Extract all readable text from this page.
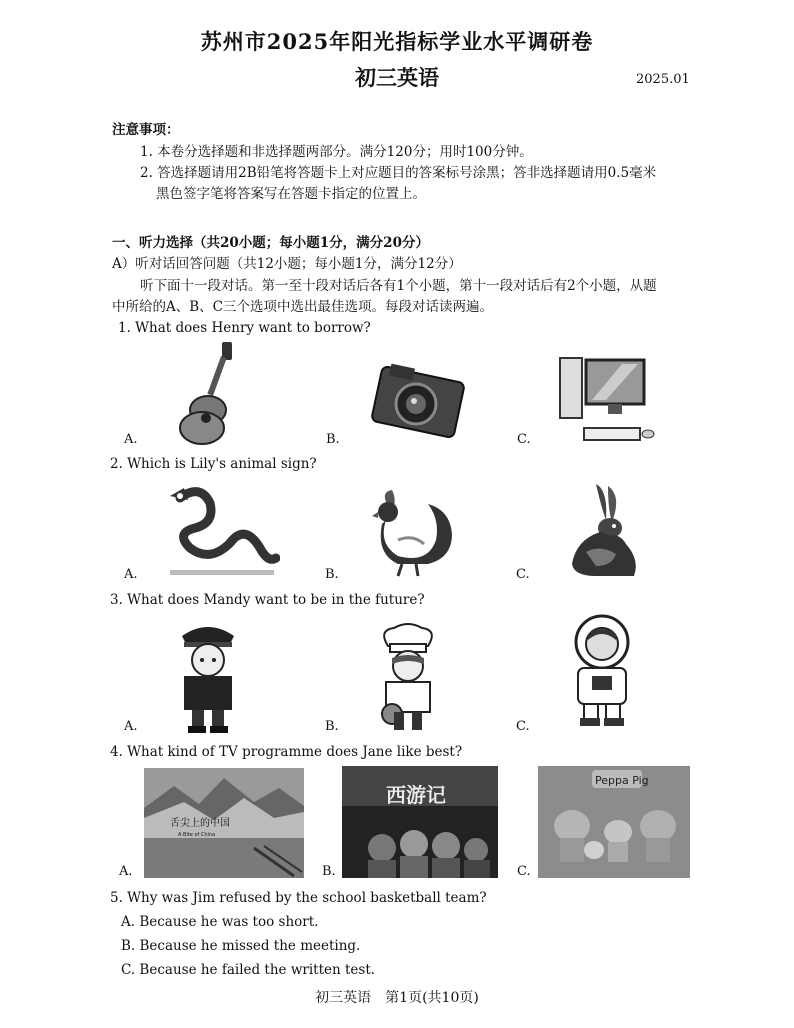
苏州市2025年阳光指标学业水平调研卷
初三英语	2025.01
注意事项：
1. 本卷分选择题和非选择题两部分。满分120分；用时100分钟。
2. 答选择题请用2B铅笔将答题卡上对应题目的答案标号涂黑；答非选择题请用0.5毫米
黑色签字笔将答案写在答题卡指定的位置上。
一、听力选择（共20小题；每小题1分，满分20分）
A）听对话回答问题（共12小题；每小题1分，满分12分）
听下面十一段对话。第一至十段对话后各有1个小题，第十一段对话后有2个小题，从题
中所给的A、B、C三个选项中选出最佳选项。每段对话读两遍。
1. What does Henry want to borrow?
A.	B.	C.
2. Which is Lily's animal sign?
A.	B.	C.
3. What does Mandy want to be in the future?
A.	B.	C.
4. What kind of TV programme does Jane like best?
A.	B.	C.
舌尖上的中国
A Bite of China
西游记
Peppa Pig
5. Why was Jim refused by the school basketball team?
A. Because he was too short.
B. Because he missed the meeting.
C. Because he failed the written test.
初三英语　第1页(共10页)
